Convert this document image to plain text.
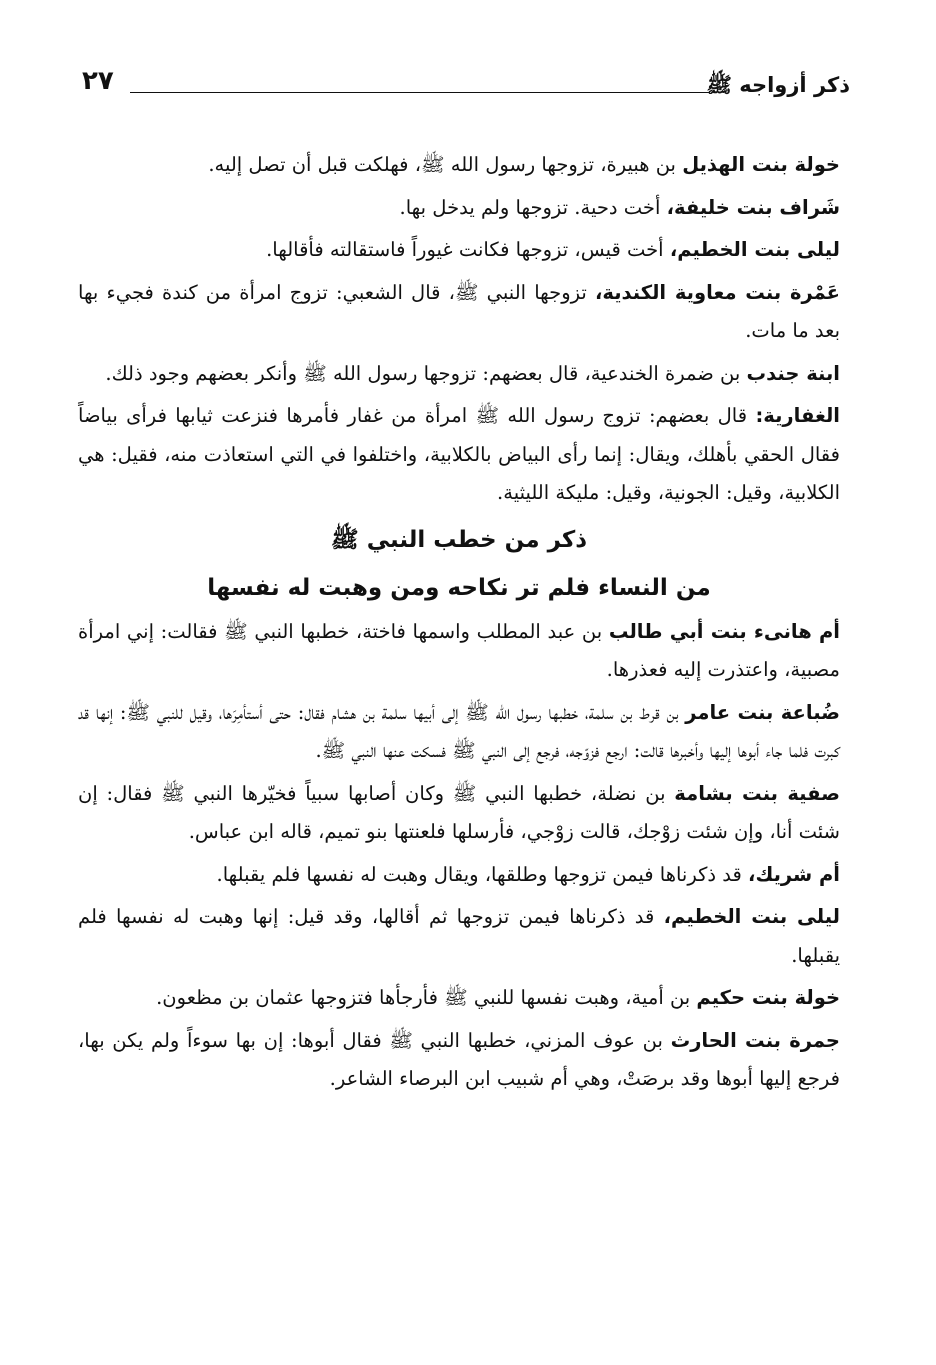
ذكر أزواجه ﷺ
٢٧

خولة بنت الهذيل بن هبيرة، تزوجها رسول الله ﷺ، فهلكت قبل أن تصل إليه.

شَراف بنت خليفة، أخت دحية. تزوجها ولم يدخل بها.

ليلى بنت الخطيم، أخت قيس، تزوجها فكانت غيوراً فاستقالته فأقالها.

عَمْرة بنت معاوية الكندية، تزوجها النبي ﷺ، قال الشعبي: تزوج امرأة من كندة فجيء بها بعد ما مات.

ابنة جندب بن ضمرة الخندعية، قال بعضهم: تزوجها رسول الله ﷺ وأنكر بعضهم وجود ذلك.

الغفارية: قال بعضهم: تزوج رسول الله ﷺ امرأة من غفار فأمرها فنزعت ثيابها فرأى بياضاً فقال الحقي بأهلك، ويقال: إنما رأى البياض بالكلابية، واختلفوا في التي استعاذت منه، فقيل: هي الكلابية، وقيل: الجونية، وقيل: مليكة الليثية.

ذكر من خطب النبي ﷺ
من النساء فلم تر نكاحه ومن وهبت له نفسها

أم هانىء بنت أبي طالب بن عبد المطلب واسمها فاختة، خطبها النبي ﷺ فقالت: إني امرأة مصبية، واعتذرت إليه فعذرها.

ضُباعة بنت عامر بن قرط بن سلمة، خطبها رسول الله ﷺ إلى أبيها سلمة بن هشام فقال: حتى أستأمِرَها، وقيل للنبي ﷺ: إنها قد كبرت فلما جاء أبوها إليها وأخبرها قالت: ارجع فزوّجه، فرجع إلى النبي ﷺ فسكت عنها النبي ﷺ.

صفية بنت بشامة بن نضلة، خطبها النبي ﷺ وكان أصابها سبياً فخيّرها النبي ﷺ فقال: إن شئت أنا، وإن شئت زوْجك، قالت زوْجي، فأرسلها فلعنتها بنو تميم، قاله ابن عباس.

أم شريك، قد ذكرناها فيمن تزوجها وطلقها، ويقال وهبت له نفسها فلم يقبلها.

ليلى بنت الخطيم، قد ذكرناها فيمن تزوجها ثم أقالها، وقد قيل: إنها وهبت له نفسها فلم يقبلها.

خولة بنت حكيم بن أمية، وهبت نفسها للنبي ﷺ فأرجأها فتزوجها عثمان بن مظعون.

جمرة بنت الحارث بن عوف المزني، خطبها النبي ﷺ فقال أبوها: إن بها سوءاً ولم يكن بها، فرجع إليها أبوها وقد برصَتْ، وهي أم شبيب ابن البرصاء الشاعر.
